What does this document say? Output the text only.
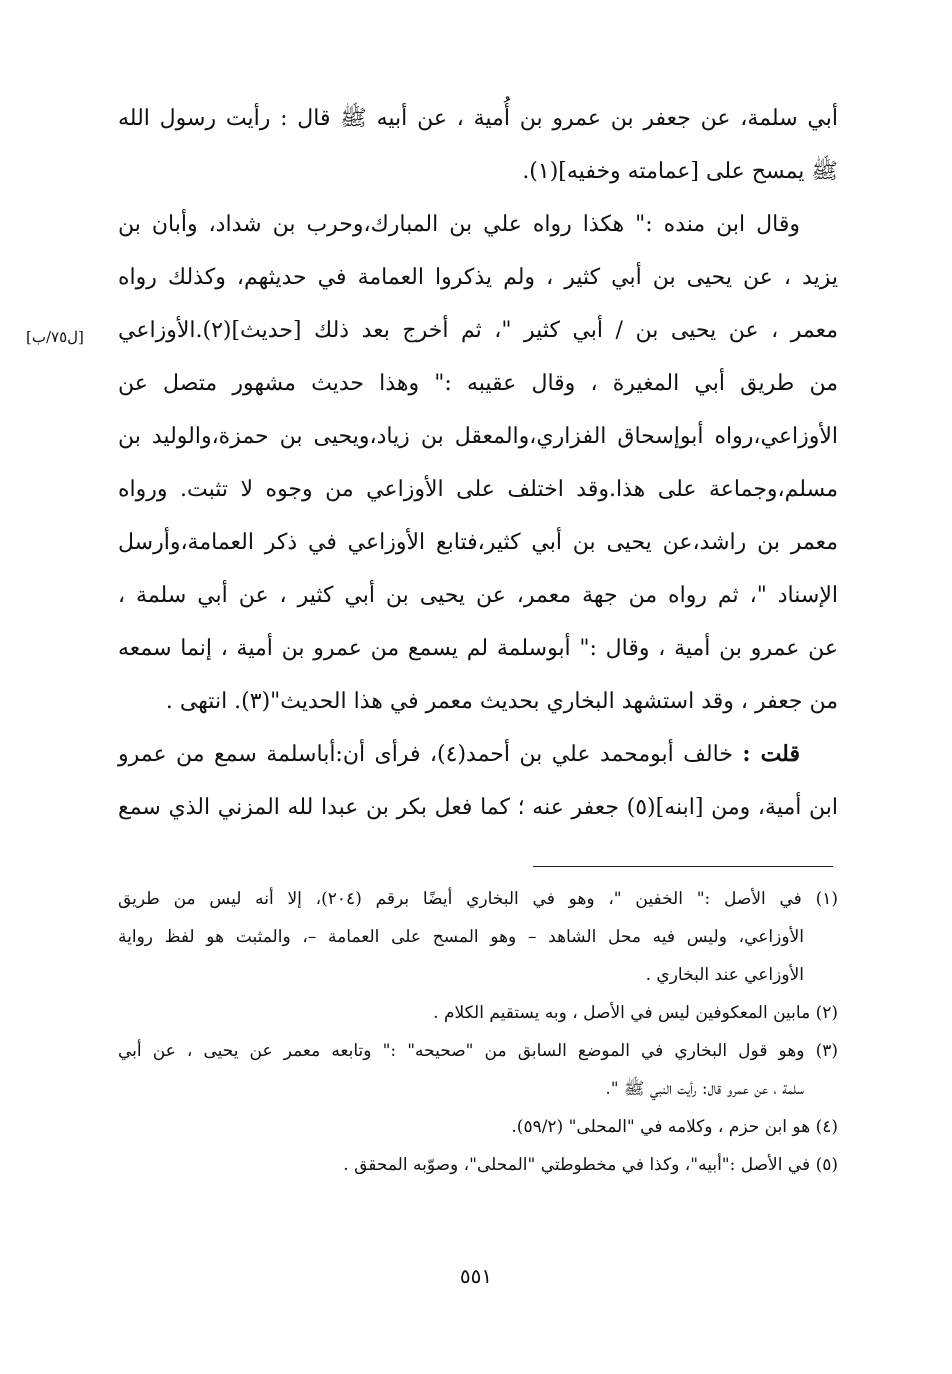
أبي سلمة، عن جعفر بن عمرو بن أُمية ، عن أبيه ﷺ قال : رأيت رسول الله
ﷺ يمسح على [عمامته وخفيه](١).
وقال ابن منده :" هكذا رواه علي بن المبارك،وحرب بن شداد، وأبان بن
يزيد ، عن يحيى بن أبي كثير ، ولم يذكروا العمامة في حديثهم، وكذلك رواه
معمر ، عن يحيى بن / أبي كثير "، ثم أخرج بعد ذلك [حديث](٢).الأوزاعي
من طريق أبي المغيرة ، وقال عقيبه :" وهذا حديث مشهور متصل عن
الأوزاعي،رواه أبوإسحاق الفزاري،والمعقل بن زياد،ويحيى بن حمزة،والوليد بن
مسلم،وجماعة على هذا.وقد اختلف على الأوزاعي من وجوه لا تثبت. ورواه
معمر بن راشد،عن يحيى بن أبي كثير،فتابع الأوزاعي في ذكر العمامة،وأرسل
الإسناد "، ثم رواه من جهة معمر، عن يحيى بن أبي كثير ، عن أبي سلمة ،
عن عمرو بن أمية ، وقال :" أبوسلمة لم يسمع من عمرو بن أمية ، إنما سمعه
من جعفر ، وقد استشهد البخاري بحديث معمر في هذا الحديث"(٣). انتهى .
قلت : خالف أبومحمد علي بن أحمد(٤)، فرأى أن:أباسلمة سمع من عمرو
ابن أمية، ومن [ابنه](٥) جعفر عنه ؛ كما فعل بكر بن عبدا لله المزني الذي سمع
[ل٧٥/ب]
(١) في الأصل :" الخفين "، وهو في البخاري أيضًا برقم (٢٠٤)، إلا أنه ليس من طريق
الأوزاعي، وليس فيه محل الشاهد – وهو المسح على العمامة –، والمثبت هو لفظ رواية
الأوزاعي عند البخاري .
(٢) مابين المعكوفين ليس في الأصل ، وبه يستقيم الكلام .
(٣) وهو قول البخاري في الموضع السابق من "صحيحه" :" وتابعه معمر عن يحيى ، عن أبي
سلمة ، عن عمرو قال: رأيت النبي ﷺ ".
(٤) هو ابن حزم ، وكلامه في "المحلى" (٥٩/٢).
(٥) في الأصل :"أبيه"، وكذا في مخطوطتي "المحلى"، وصوّبه المحقق .
٥٥١
